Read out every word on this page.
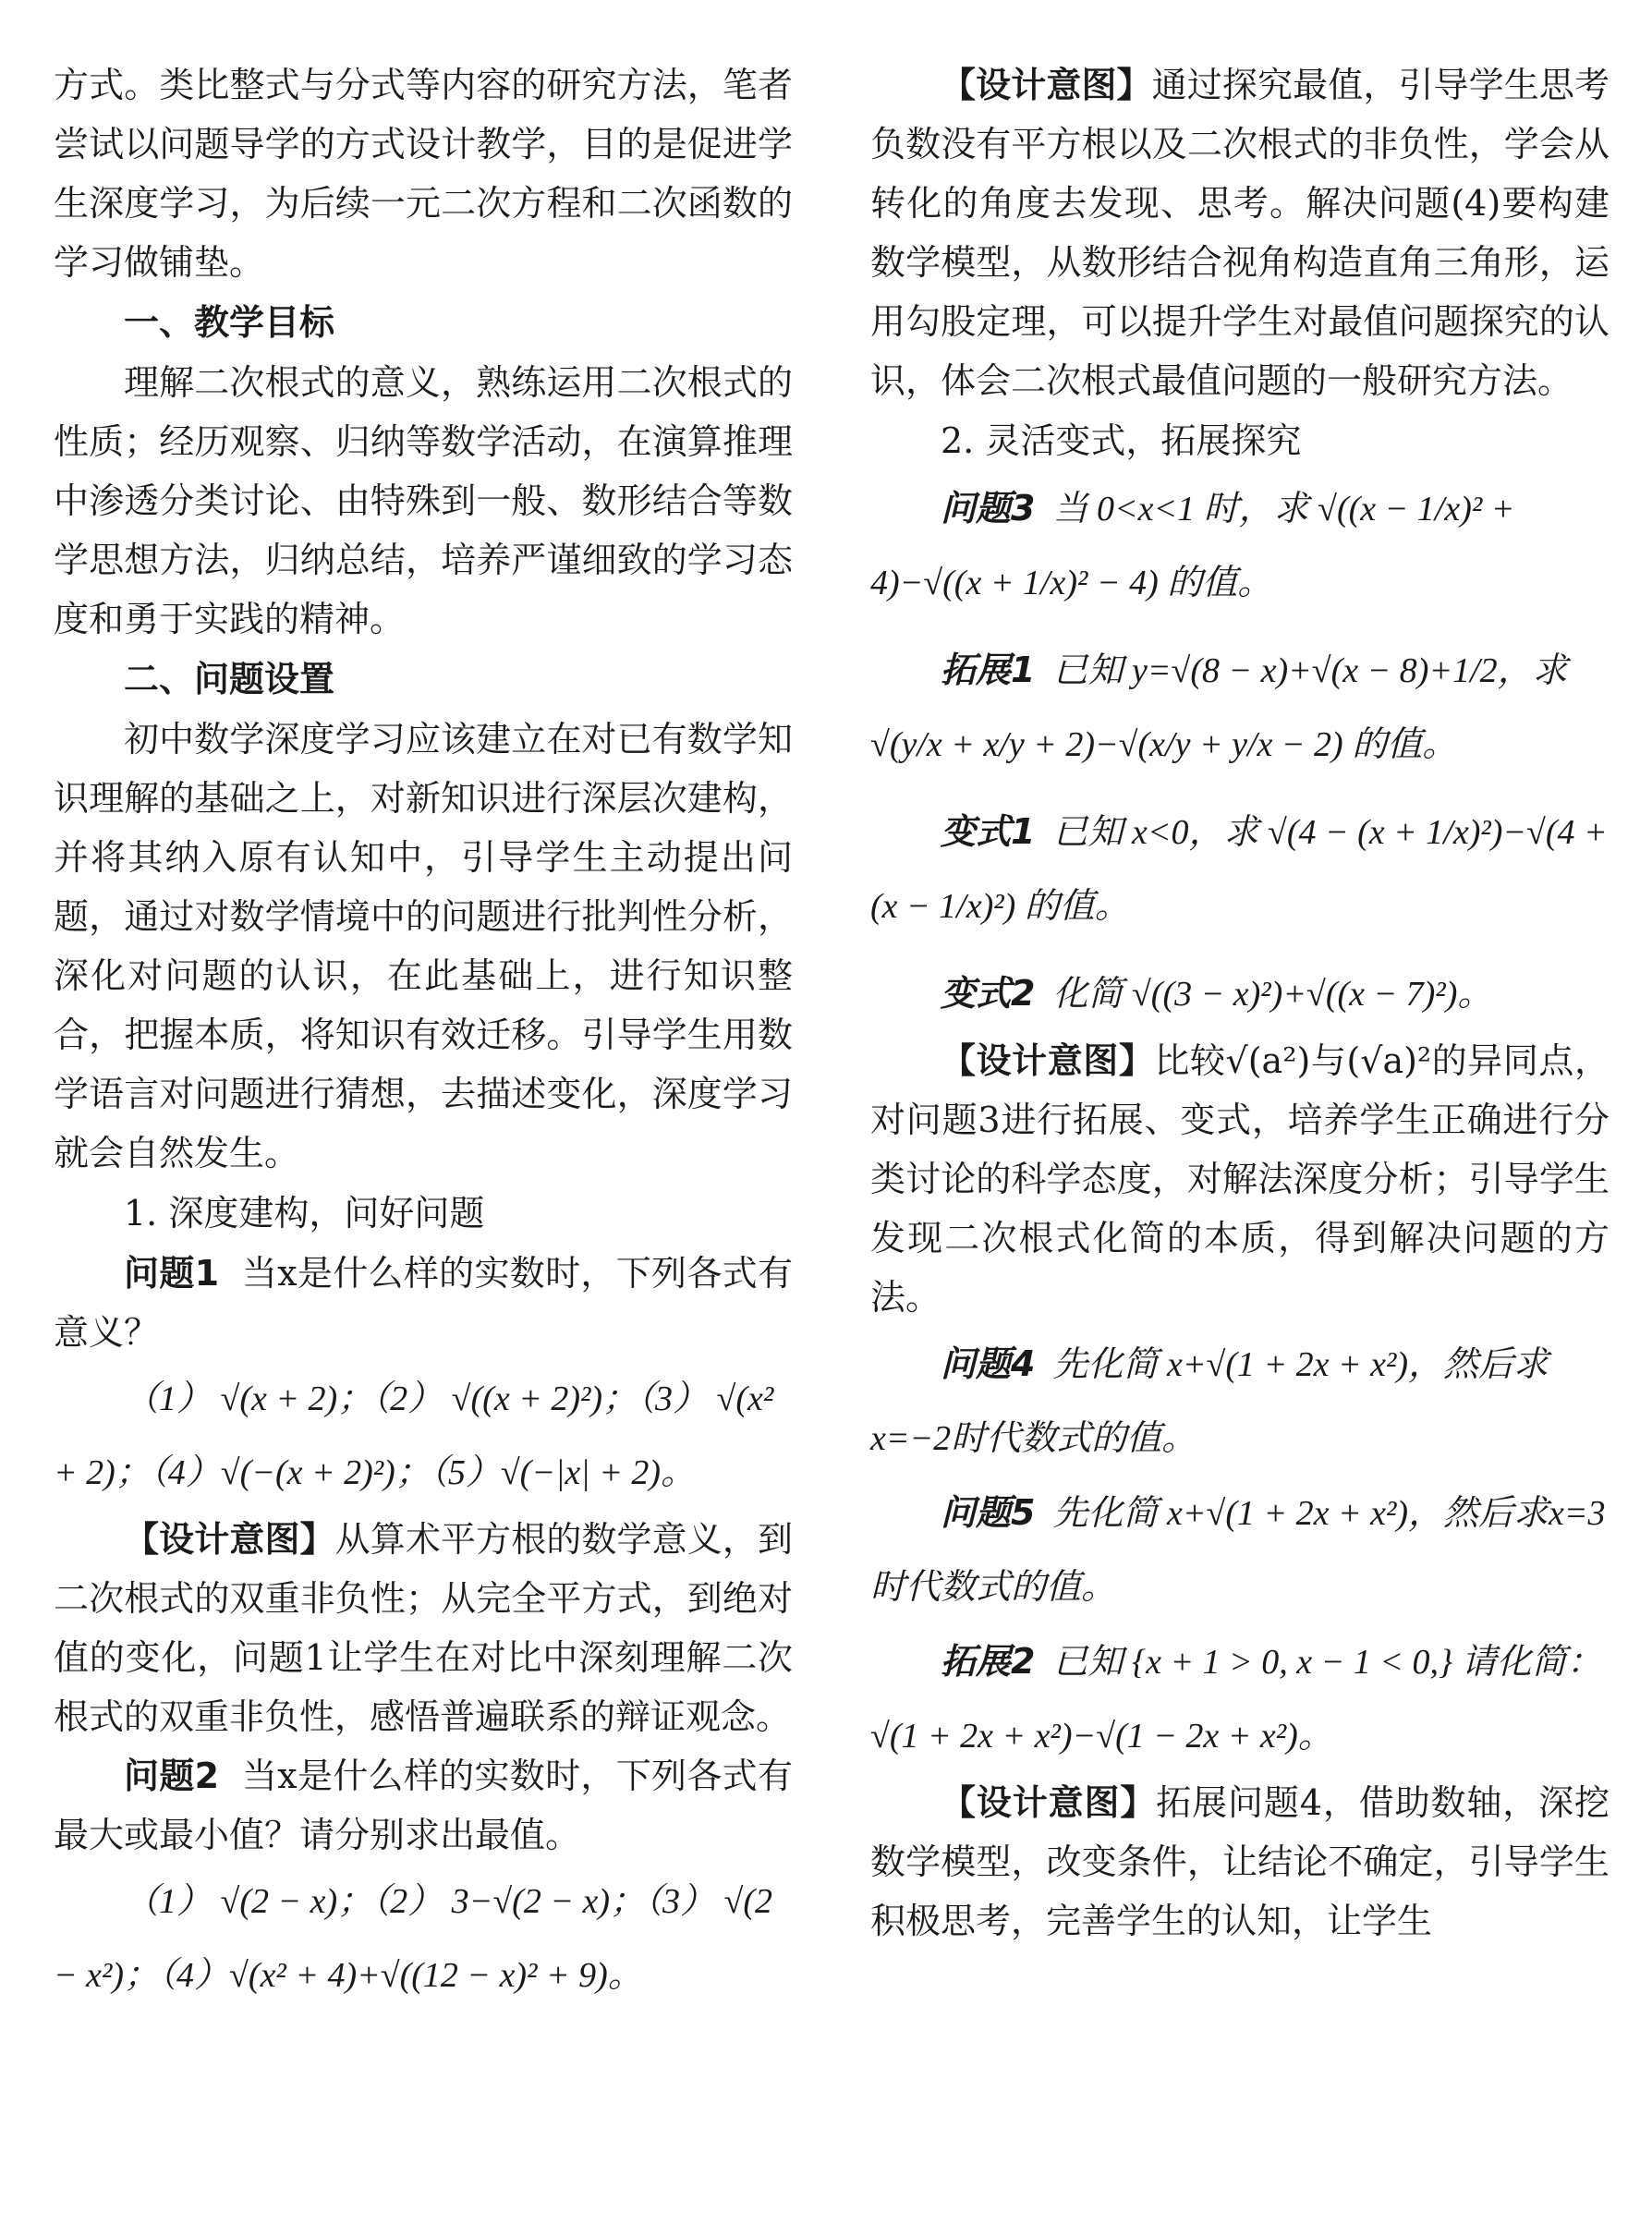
方式。类比整式与分式等内容的研究方法，笔者尝试以问题导学的方式设计教学，目的是促进学生深度学习，为后续一元二次方程和二次函数的学习做铺垫。

一、教学目标

理解二次根式的意义，熟练运用二次根式的性质；经历观察、归纳等数学活动，在演算推理中渗透分类讨论、由特殊到一般、数形结合等数学思想方法，归纳总结，培养严谨细致的学习态度和勇于实践的精神。

二、问题设置

初中数学深度学习应该建立在对已有数学知识理解的基础之上，对新知识进行深层次建构，并将其纳入原有认知中，引导学生主动提出问题，通过对数学情境中的问题进行批判性分析，深化对问题的认识，在此基础上，进行知识整合，把握本质，将知识有效迁移。引导学生用数学语言对问题进行猜想，去描述变化，深度学习就会自然发生。

1. 深度建构，问好问题

问题1 当x是什么样的实数时，下列各式有意义？

（1） √(x + 2)；（2） √((x + 2)²)；（3） √(x² + 2)；（4）√(−(x + 2)²)；（5）√(−|x| + 2)。

【设计意图】从算术平方根的数学意义，到二次根式的双重非负性；从完全平方式，到绝对值的变化，问题1让学生在对比中深刻理解二次根式的双重非负性，感悟普遍联系的辩证观念。

问题2 当x是什么样的实数时，下列各式有最大或最小值？请分别求出最值。

（1） √(2 − x)；（2） 3−√(2 − x)；（3） √(2 − x²)；（4）√(x² + 4)+√((12 − x)² + 9)。

【设计意图】通过探究最值，引导学生思考负数没有平方根以及二次根式的非负性，学会从转化的角度去发现、思考。解决问题(4)要构建数学模型，从数形结合视角构造直角三角形，运用勾股定理，可以提升学生对最值问题探究的认识，体会二次根式最值问题的一般研究方法。

2. 灵活变式，拓展探究

问题3 当 0<x<1 时，求 √((x − 1/x)² + 4)−√((x + 1/x)² − 4) 的值。

拓展1 已知 y=√(8 − x)+√(x − 8)+1/2，求 √(y/x + x/y + 2)−√(x/y + y/x − 2) 的值。

变式1 已知 x<0，求 √(4 − (x + 1/x)²)−√(4 + (x − 1/x)²) 的值。

变式2 化简 √((3 − x)²)+√((x − 7)²)。

【设计意图】比较√(a²)与(√a)²的异同点，对问题3进行拓展、变式，培养学生正确进行分类讨论的科学态度，对解法深度分析；引导学生发现二次根式化简的本质，得到解决问题的方法。

问题4 先化简 x+√(1 + 2x + x²)，然后求x=−2时代数式的值。

问题5 先化简 x+√(1 + 2x + x²)，然后求x=3时代数式的值。

拓展2 已知 {x + 1 > 0, x − 1 < 0,} 请化简：√(1 + 2x + x²)−√(1 − 2x + x²)。

【设计意图】拓展问题4，借助数轴，深挖数学模型，改变条件，让结论不确定，引导学生积极思考，完善学生的认知，让学生
